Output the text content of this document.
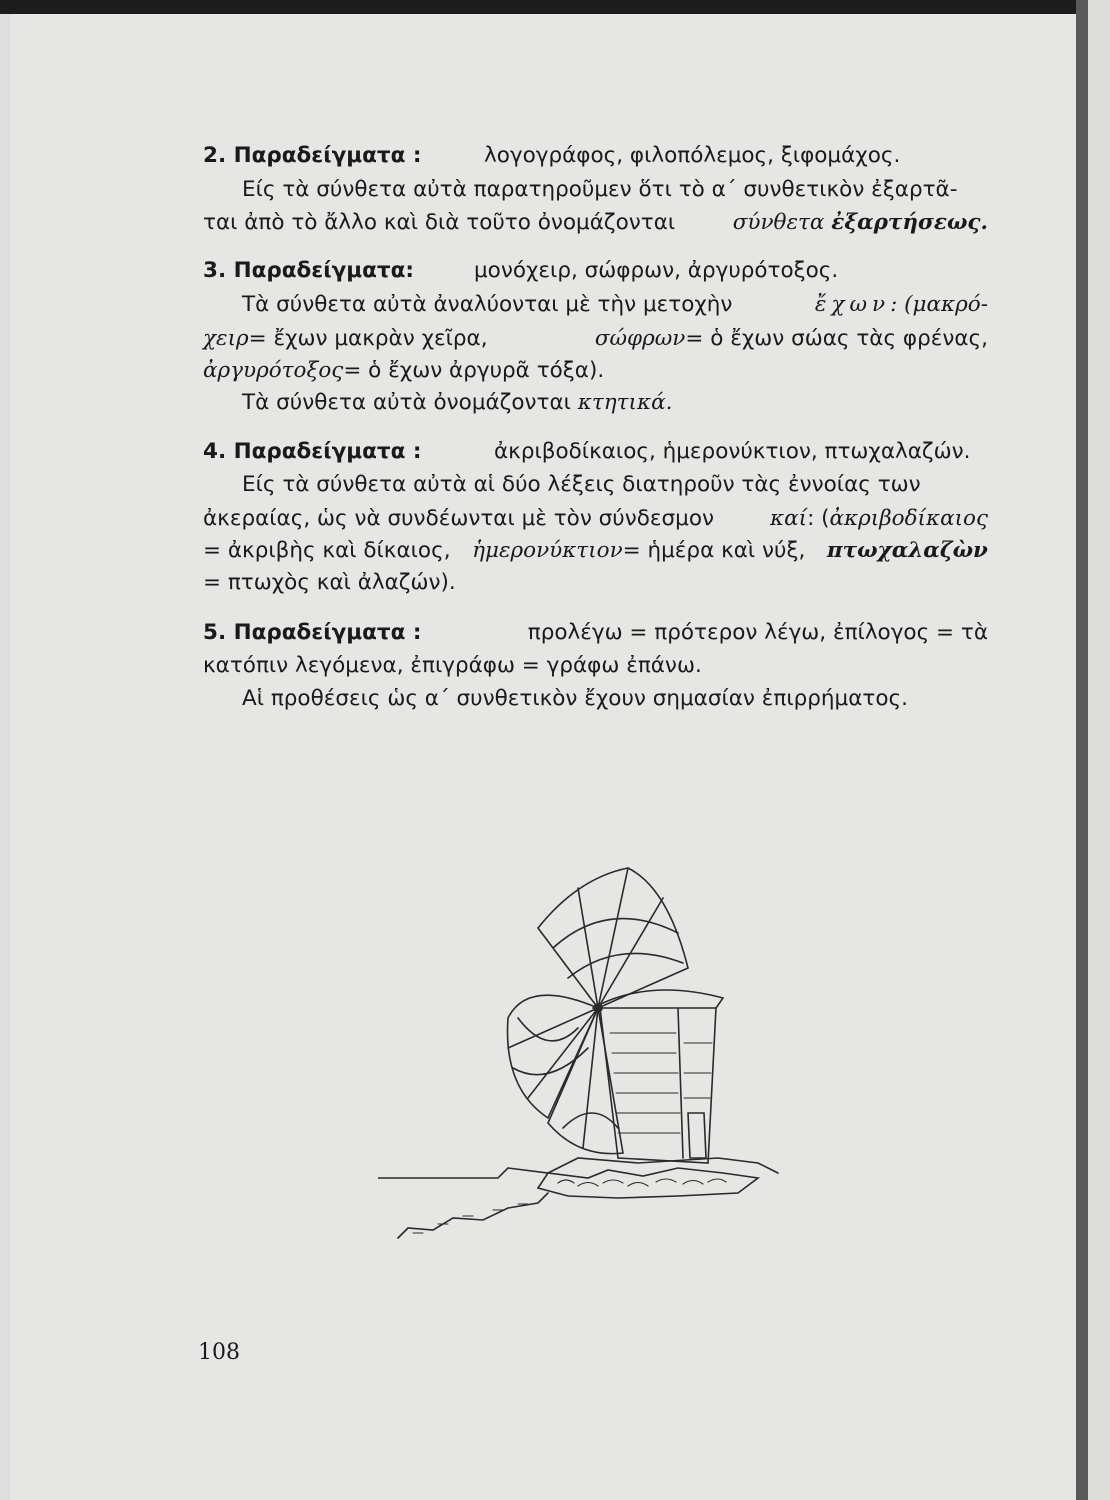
2. Παραδείγματα :	λογογράφος, φιλοπόλεμος, ξιφομάχος.
Είς τὰ σύνθετα αὐτὰ παρατηροῦμεν ὅτι τὸ α΄ συνθετικὸν ἐξαρτᾶ-
ται ἀπὸ τὸ ἄλλο καὶ διὰ τοῦτο ὀνομάζονται	σύνθετα ἐξαρτήσεως.
3. Παραδείγματα:	μονόχειρ, σώφρων, ἀργυρότοξος.
Τὰ σύνθετα αὐτὰ ἀναλύονται μὲ τὴν μετοχὴν	ἔχων: (μακρό-
χειρ= ἔχων μακρὰν χεῖρα,	σώφρων= ὁ ἔχων σώας τὰς φρένας,
ἀργυρότοξος= ὁ ἔχων ἀργυρᾶ τόξα).
Τὰ σύνθετα αὐτὰ ὀνομάζονται κτητικά.
4. Παραδείγματα :	ἀκριβοδίκαιος, ἡμερονύκτιον, πτωχαλαζών.
Είς τὰ σύνθετα αὐτὰ αἱ δύο λέξεις διατηροῦν τὰς ἐννοίας των
ἀκεραίας, ὡς νὰ συνδέωνται μὲ τὸν σύνδεσμον	καί: (ἀκριβοδίκαιος
= ἀκριβὴς καὶ δίκαιος, ἡμερονύκτιον= ἡμέρα καὶ νύξ, πτωχαλαζὼν
= πτωχὸς καὶ ἀλαζών).
5. Παραδείγματα :	προλέγω = πρότερον λέγω, ἐπίλογος = τὰ
κατόπιν λεγόμενα, ἐπιγράφω = γράφω ἐπάνω.
Αἱ προθέσεις ὡς α΄ συνθετικὸν ἔχουν σημασίαν ἐπιρρήματος.
108
